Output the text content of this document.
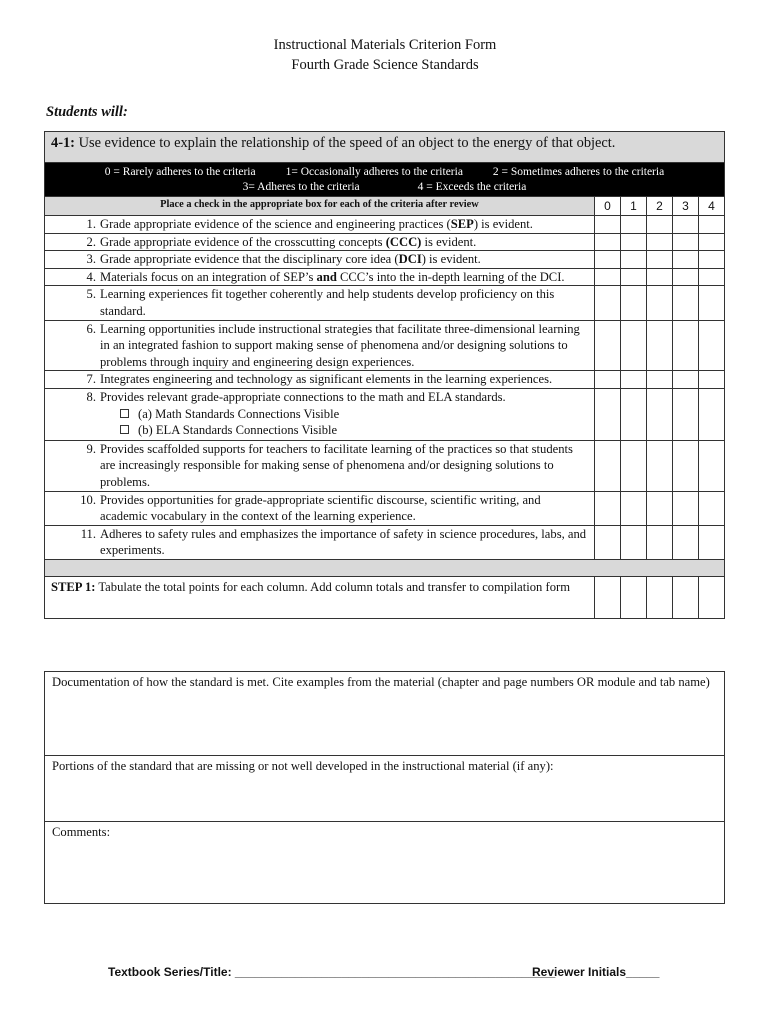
Instructional Materials Criterion Form
Fourth Grade Science Standards
Students will:
4-1: Use evidence to explain the relationship of the speed of an object to the energy of that object.					
0 = Rarely adheres to the criteria 1= Occasionally adheres to the criteria 2 = Sometimes adheres to the criteria
3= Adheres to the criteria 4 = Exceeds the criteria					
Place a check in the appropriate box for each of the criteria after review	0	1	2	3	4

1. Grade appropriate evidence of the science and engineering practices (SEP) is evident.					

2. Grade appropriate evidence of the crosscutting concepts (CCC) is evident.					

3. Grade appropriate evidence that the disciplinary core idea (DCI) is evident.					

4. Materials focus on an integration of SEP’s and CCC’s into the in-depth learning of the DCI.					

5. Learning experiences fit together coherently and help students develop proficiency on this standard.					

6. Learning opportunities include instructional strategies that facilitate three-dimensional learning in an integrated fashion to support making sense of phenomena and/or designing solutions to problems through inquiry and engineering design experiences.					

7. Integrates engineering and technology as significant elements in the learning experiences.					

8. Provides relevant grade-appropriate connections to the math and ELA standards.
(a) Math Standards Connections Visible
(b) ELA Standards Connections Visible					

9. Provides scaffolded supports for teachers to facilitate learning of the practices so that students are increasingly responsible for making sense of phenomena and/or designing solutions to problems.					

10. Provides opportunities for grade-appropriate scientific discourse, scientific writing, and academic vocabulary in the context of the learning experience.					

11. Adheres to safety rules and emphasizes the importance of safety in science procedures, labs, and experiments.					

STEP 1: Tabulate the total points for each column. Add column totals and transfer to compilation form					
Documentation of how the standard is met. Cite examples from the material (chapter and page numbers OR module and tab name)
Portions of the standard that are missing or not well developed in the instructional material (if any):
Comments:
Textbook Series/Title: ________________________________________________
Reviewer Initials_____
